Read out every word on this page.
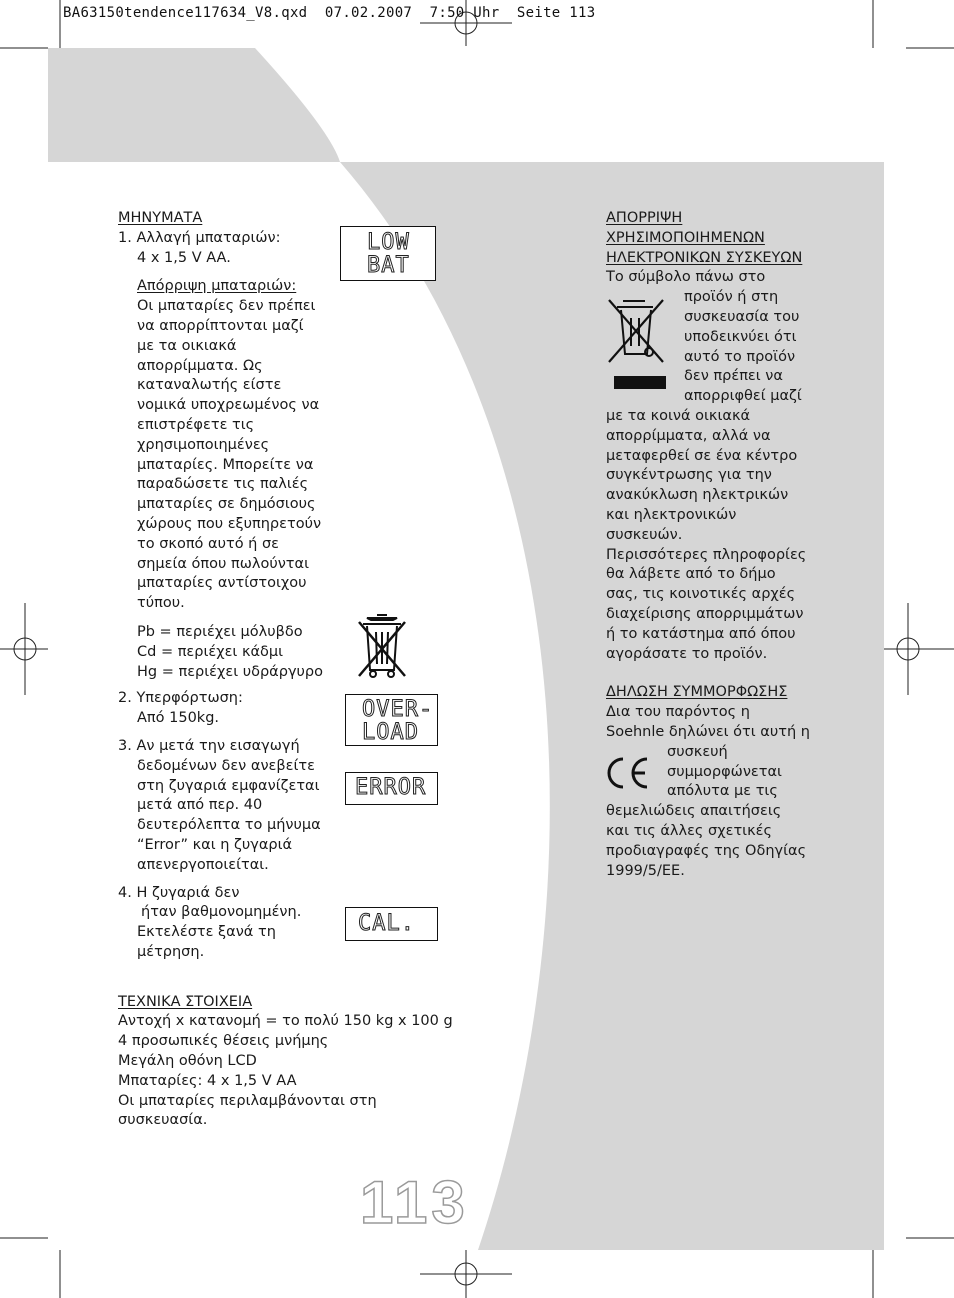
BA63150tendence117634_V8.qxd  07.02.2007  7:50 Uhr  Seite 113
ΜΗΝΥΜΑΤΑ
1. Αλλαγή μπαταριών:
4 x 1,5 V AA.
Απόρριψη μπαταριών:
Οι μπαταρίες δεν πρέπει
να απορρίπτονται μαζί
με τα οικιακά
απορρίμματα. Ως
καταναλωτής είστε
νομικά υποχρεωμένος να
επιστρέφετε τις
χρησιμοποιημένες
μπαταρίες. Μπορείτε να
παραδώσετε τις παλιές
μπαταρίες σε δημόσιους
χώρους που εξυπηρετούν
το σκοπό αυτό ή σε
σημεία όπου πωλούνται
μπαταρίες αντίστοιχου
τύπου.
Pb = περιέχει μόλυβδο
Cd = περιέχει κάδμι
Hg = περιέχει υδράργυρο
2. Υπερφόρτωση:
Από 150kg.
3. Αν μετά την εισαγωγή
δεδομένων δεν ανεβείτε
στη ζυγαριά εμφανίζεται
μετά από περ. 40
δευτερόλεπτα το μήνυμα
“Error” και η ζυγαριά
απενεργοποιείται.
4. Η ζυγαριά δεν
ήταν βαθμονομημένη.
Εκτελέστε ξανά τη
μέτρηση.
ΤΕΧΝΙΚΑ ΣΤΟΙΧΕΙΑ
Αντοχή x κατανομή = το πολύ 150 kg x 100 g
4 προσωπικές θέσεις μνήμης
Μεγάλη οθόνη LCD
Μπαταρίες: 4 x 1,5 V AA
Οι μπαταρίες περιλαμβάνονται στη
συσκευασία.
LOW
BAT
OVER-
LOAD
ERROR
CAL.
ΑΠΟΡΡΙΨΗ
ΧΡΗΣΙΜΟΠΟΙΗΜΕΝΩΝ
ΗΛΕΚΤΡΟΝΙΚΩΝ ΣΥΣΚΕΥΩΝ
Το σύμβολο πάνω στο
προϊόν ή στη
συσκευασία του
υποδεικνύει ότι
αυτό το προϊόν
δεν πρέπει να
απορριφθεί μαζί
με τα κοινά οικιακά
απορρίμματα, αλλά να
μεταφερθεί σε ένα κέντρο
συγκέντρωσης για την
ανακύκλωση ηλεκτρικών
και ηλεκτρονικών
συσκευών.
Περισσότερες πληροφορίες
θα λάβετε από το δήμο
σας, τις κοινοτικές αρχές
διαχείρισης απορριμμάτων
ή το κατάστημα από όπου
αγοράσατε το προϊόν.
ΔΗΛΩΣΗ ΣΥΜΜΟΡΦΩΣΗΣ
Δια του παρόντος η
Soehnle δηλώνει ότι αυτή η
συσκευή
συμμορφώνεται
απόλυτα με τις
θεμελιώδεις απαιτήσεις
και τις άλλες σχετικές
προδιαγραφές της Οδηγίας
1999/5/ΕΕ.
113
